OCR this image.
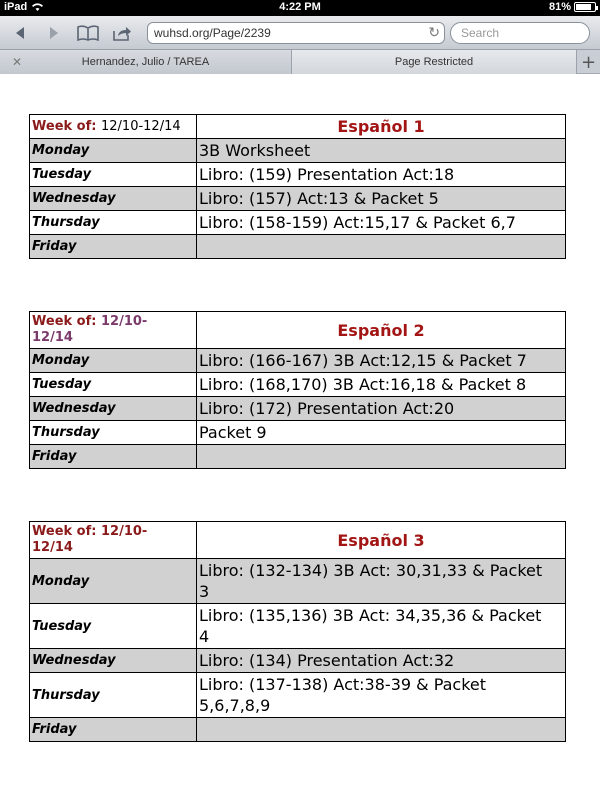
iPad	4:22 PM	81%
wuhsd.org/Page/2239	↻	Search
✕	Hernandez, Julio / TAREA	Page Restricted	+
Week of: 12/10-12/14	Español 1
Monday	3B Worksheet
Tuesday	Libro: (159) Presentation Act:18
Wednesday	Libro: (157) Act:13 & Packet 5
Thursday	Libro: (158-159) Act:15,17 & Packet 6,7
Friday	
Week of: 12/10-
12/14	Español 2
Monday	Libro: (166-167) 3B Act:12,15 & Packet 7
Tuesday	Libro: (168,170) 3B Act:16,18 & Packet 8
Wednesday	Libro: (172) Presentation Act:20
Thursday	Packet 9
Friday	
Week of: 12/10-
12/14	Español 3
Monday	Libro: (132-134) 3B Act: 30,31,33 & Packet
3
Tuesday	Libro: (135,136) 3B Act: 34,35,36 & Packet
4
Wednesday	Libro: (134) Presentation Act:32
Thursday	Libro: (137-138) Act:38-39 & Packet
5,6,7,8,9
Friday	
